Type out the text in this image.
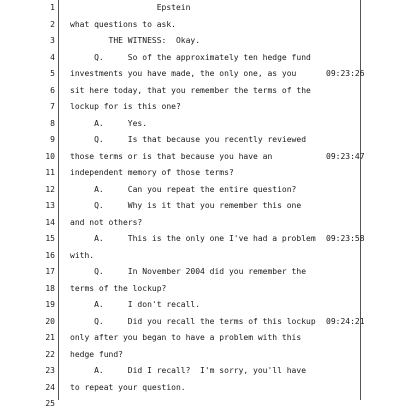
1 Epstein
2 what questions to ask.
3 THE WITNESS:  Okay.
4 Q.     So of the approximately ten hedge fund
5 investments you have made, the only one, as you	09:23:26
6 sit here today, that you remember the terms of the
7 lockup for is this one?
8 A.     Yes.
9 Q.     Is that because you recently reviewed
10 those terms or is that because you have an	09:23:47
11 independent memory of those terms?
12 A.     Can you repeat the entire question?
13 Q.     Why is it that you remember this one
14 and not others?
15 A.     This is the only one I've had a problem 09:23:58
16 with.
17 Q.     In November 2004 did you remember the
18 terms of the lockup?
19 A.     I don't recall.
20 Q.     Did you recall the terms of this lockup 09:24:21
21 only after you began to have a problem with this
22 hedge fund?
23 A.     Did I recall?  I'm sorry, you'll have
24 to repeat your question.
25
